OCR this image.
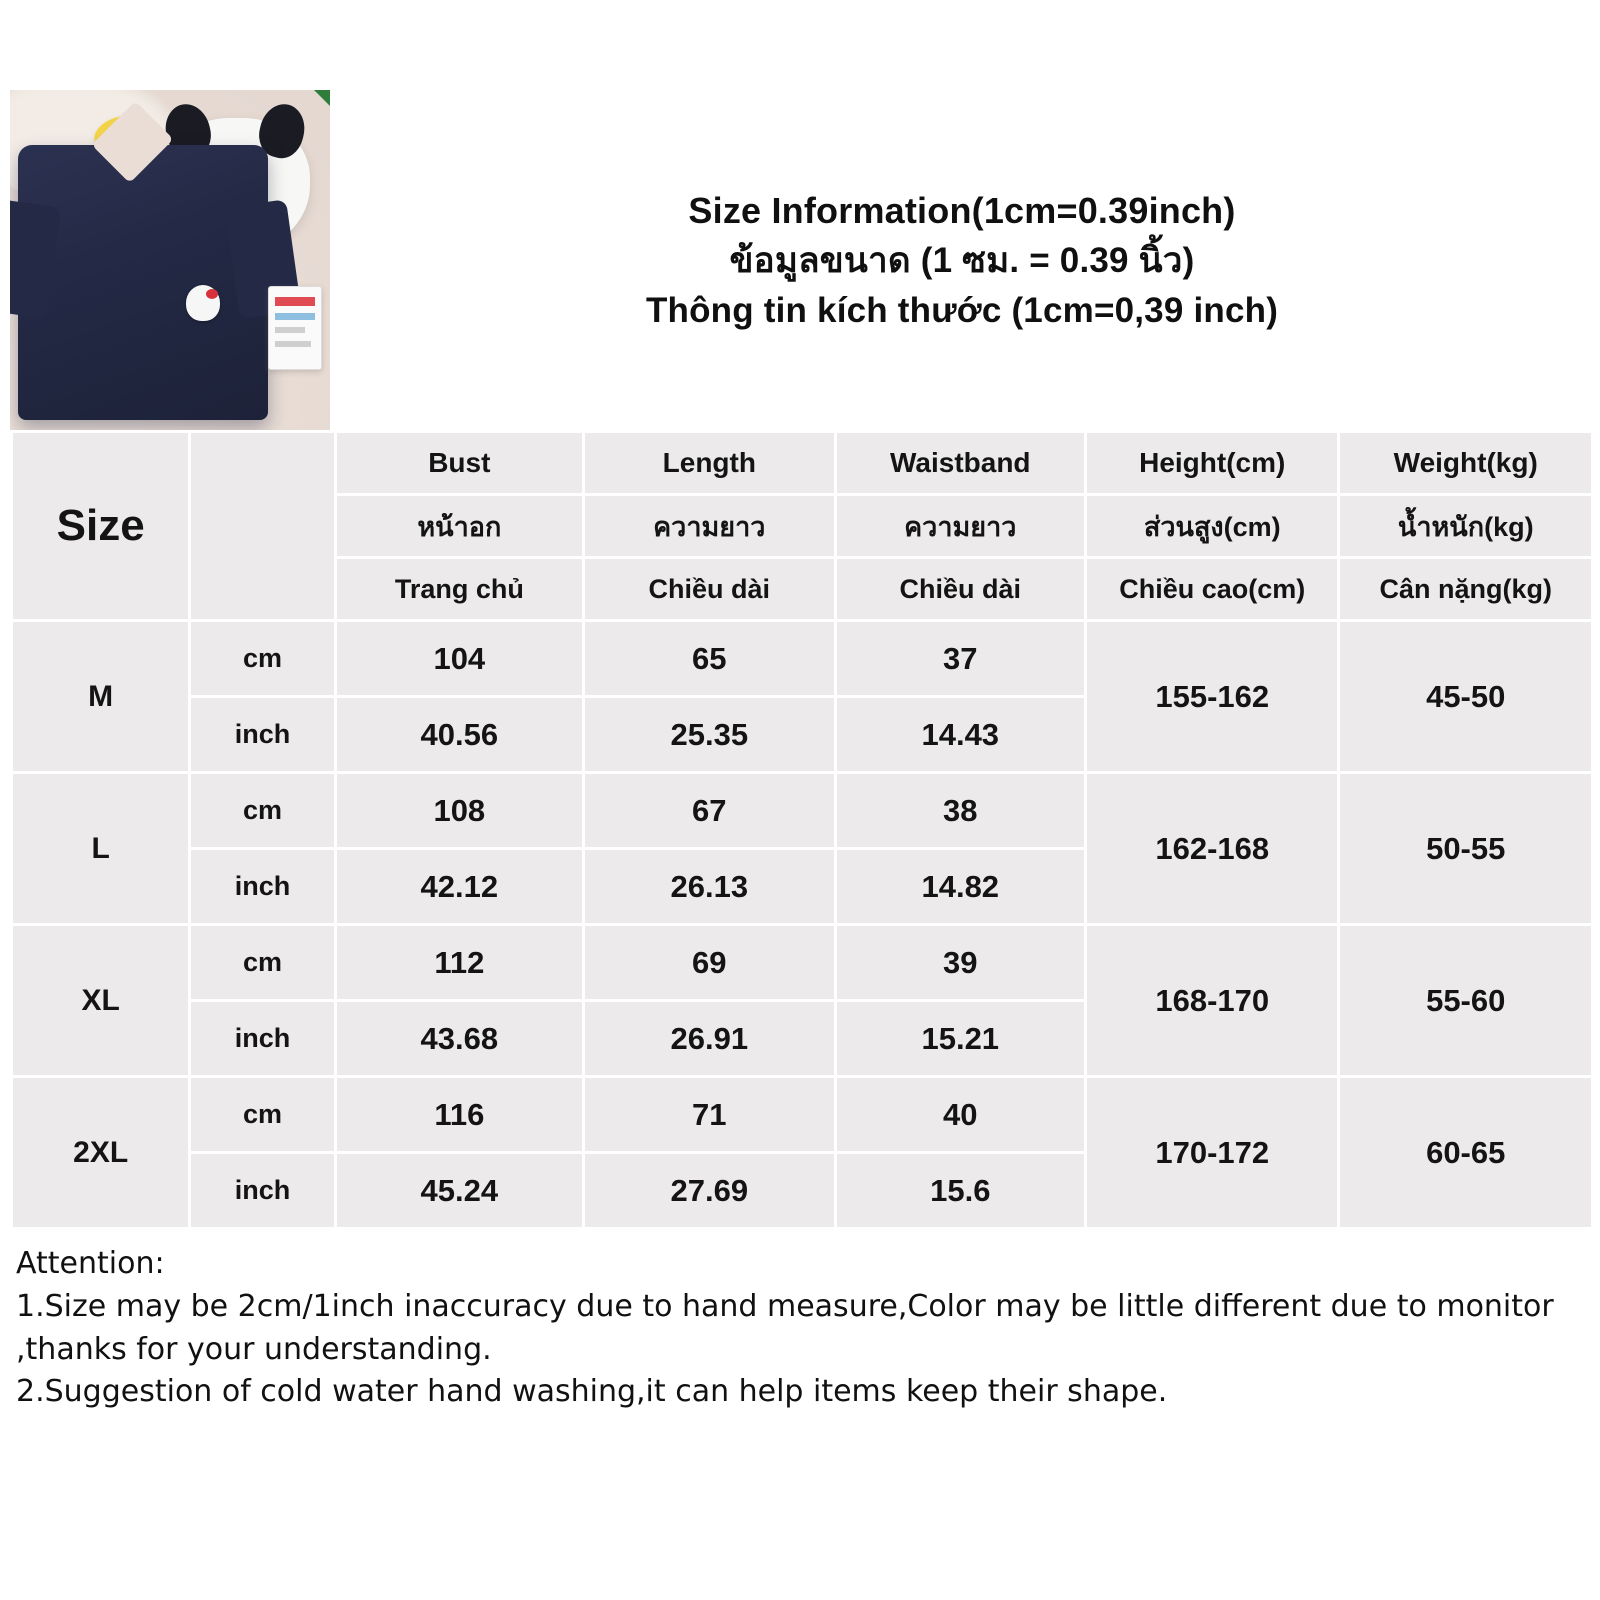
Size Information(1cm=0.39inch)
ข้อมูลขนาด (1 ซม. = 0.39 นิ้ว)
Thông tin kích thước (1cm=0,39 inch)
Size		Bust	Length	Waistband	Height(cm)	Weight(kg)
		หน้าอก	ความยาว	ความยาว	ส่วนสูง(cm)	น้ำหนัก(kg)
		Trang chủ	Chiều dài	Chiều dài	Chiều cao(cm)	Cân nặng(kg)
M	cm	104	65	37	155-162	45-50
	inch	40.56	25.35	14.43		
L	cm	108	67	38	162-168	50-55
	inch	42.12	26.13	14.82		
XL	cm	112	69	39	168-170	55-60
	inch	43.68	26.91	15.21		
2XL	cm	116	71	40	170-172	60-65
	inch	45.24	27.69	15.6		

Attention:

1.Size may be 2cm/1inch inaccuracy due to hand measure,Color may be little different due to monitor

,thanks for your understanding.

2.Suggestion of cold water hand washing,it can help items keep their shape.
